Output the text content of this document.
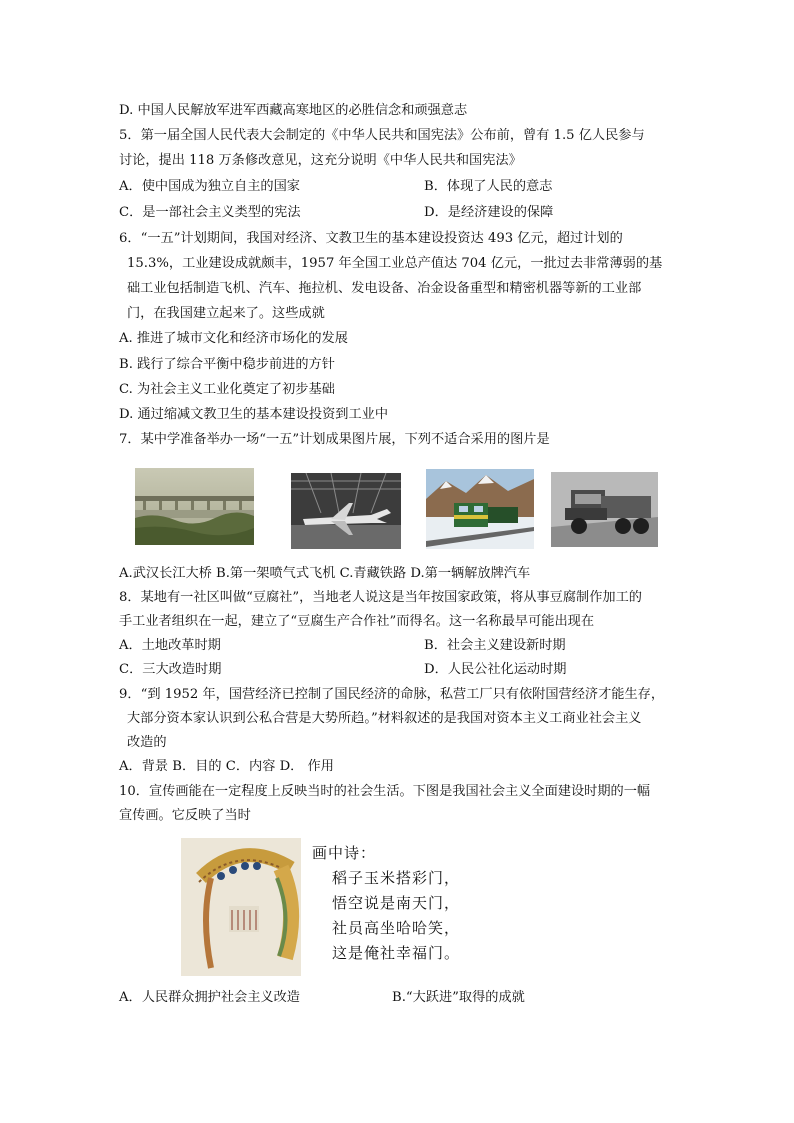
D. 中国人民解放军进军西藏高寒地区的必胜信念和顽强意志
5．第一届全国人民代表大会制定的《中华人民共和国宪法》公布前，曾有 1.5 亿人民参与
讨论，提出 118 万条修改意见，这充分说明《中华人民共和国宪法》
A．使中国成为独立自主的国家	B．体现了人民的意志
C．是一部社会主义类型的宪法	D．是经济建设的保障
6．“一五”计划期间，我国对经济、文教卫生的基本建设投资达 493 亿元，超过计划的
15.3%，工业建设成就颇丰，1957 年全国工业总产值达 704 亿元，一批过去非常薄弱的基
础工业包括制造飞机、汽车、拖拉机、发电设备、冶金设备重型和精密机器等新的工业部
门，在我国建立起来了。这些成就
A. 推进了城市文化和经济市场化的发展
B. 践行了综合平衡中稳步前进的方针
C. 为社会主义工业化奠定了初步基础
D. 通过缩减文教卫生的基本建设投资到工业中
7．某中学准备举办一场“一五”计划成果图片展，下列不适合采用的图片是
A.武汉长江大桥 B.第一架喷气式飞机 C.青藏铁路 D.第一辆解放牌汽车
8．某地有一社区叫做“豆腐社”，当地老人说这是当年按国家政策，将从事豆腐制作加工的
手工业者组织在一起，建立了“豆腐生产合作社”而得名。这一名称最早可能出现在
A．土地改革时期	B．社会主义建设新时期
C．三大改造时期	D．人民公社化运动时期
9．“到 1952 年，国营经济已控制了国民经济的命脉，私营工厂只有依附国营经济才能生存，
大部分资本家认识到公私合营是大势所趋。”材料叙述的是我国对资本主义工商业社会主义
改造的
A．背景 B．目的 C．内容 D． 作用
10．宣传画能在一定程度上反映当时的社会生活。下图是我国社会主义全面建设时期的一幅
宣传画。它反映了当时
画中诗：
稻子玉米搭彩门，
悟空说是南天门，
社员高坐哈哈笑，
这是俺社幸福门。
A．人民群众拥护社会主义改造	B.“大跃进”取得的成就
